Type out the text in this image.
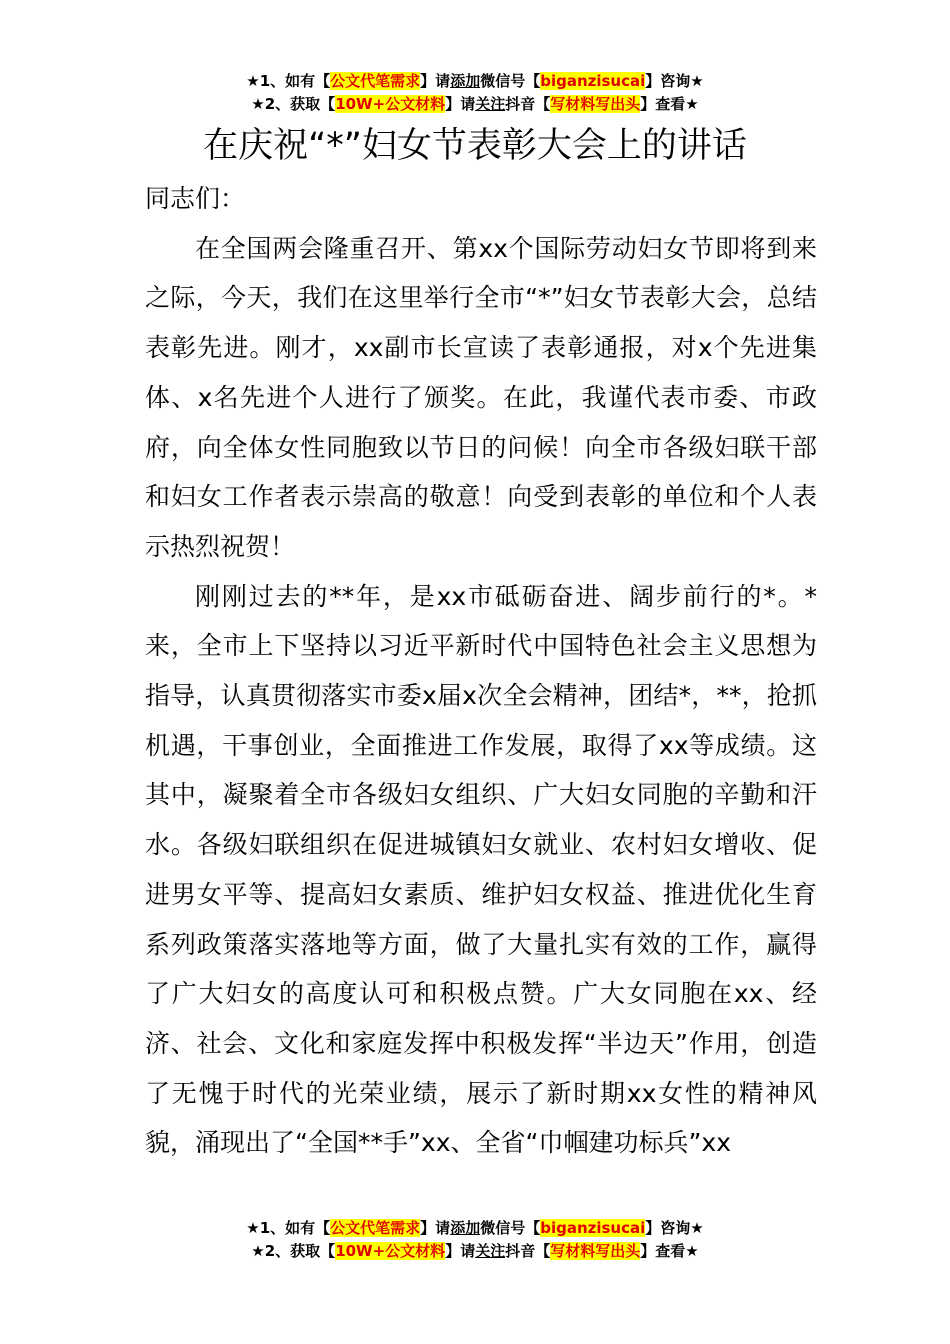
★1、如有【公文代笔需求】请添加微信号【biganzisucai】咨询★
★2、获取【10W+公文材料】请关注抖音【写材料写出头】查看★
在庆祝“*”妇女节表彰大会上的讲话

同志们：

在全国两会隆重召开、第xx个国际劳动妇女节即将到来之际，今天，我们在这里举行全市“*”妇女节表彰大会，总结表彰先进。刚才，xx副市长宣读了表彰通报，对x个先进集体、x名先进个人进行了颁奖。在此，我谨代表市委、市政府，向全体女性同胞致以节日的问候！向全市各级妇联干部和妇女工作者表示崇高的敬意！向受到表彰的单位和个人表示热烈祝贺！

刚刚过去的**年，是xx市砥砺奋进、阔步前行的*。*来，全市上下坚持以习近平新时代中国特色社会主义思想为指导，认真贯彻落实市委x届x次全会精神，团结*，**，抢抓机遇，干事创业，全面推进工作发展，取得了xx等成绩。这其中，凝聚着全市各级妇女组织、广大妇女同胞的辛勤和汗水。各级妇联组织在促进城镇妇女就业、农村妇女增收、促进男女平等、提高妇女素质、维护妇女权益、推进优化生育系列政策落实落地等方面，做了大量扎实有效的工作，赢得了广大妇女的高度认可和积极点赞。广大女同胞在xx、经济、社会、文化和家庭发挥中积极发挥“半边天”作用，创造了无愧于时代的光荣业绩，展示了新时期xx女性的精神风貌，涌现出了“全国**手”xx、全省“巾帼建功标兵”xx

★1、如有【公文代笔需求】请添加微信号【biganzisucai】咨询★
★2、获取【10W+公文材料】请关注抖音【写材料写出头】查看★
